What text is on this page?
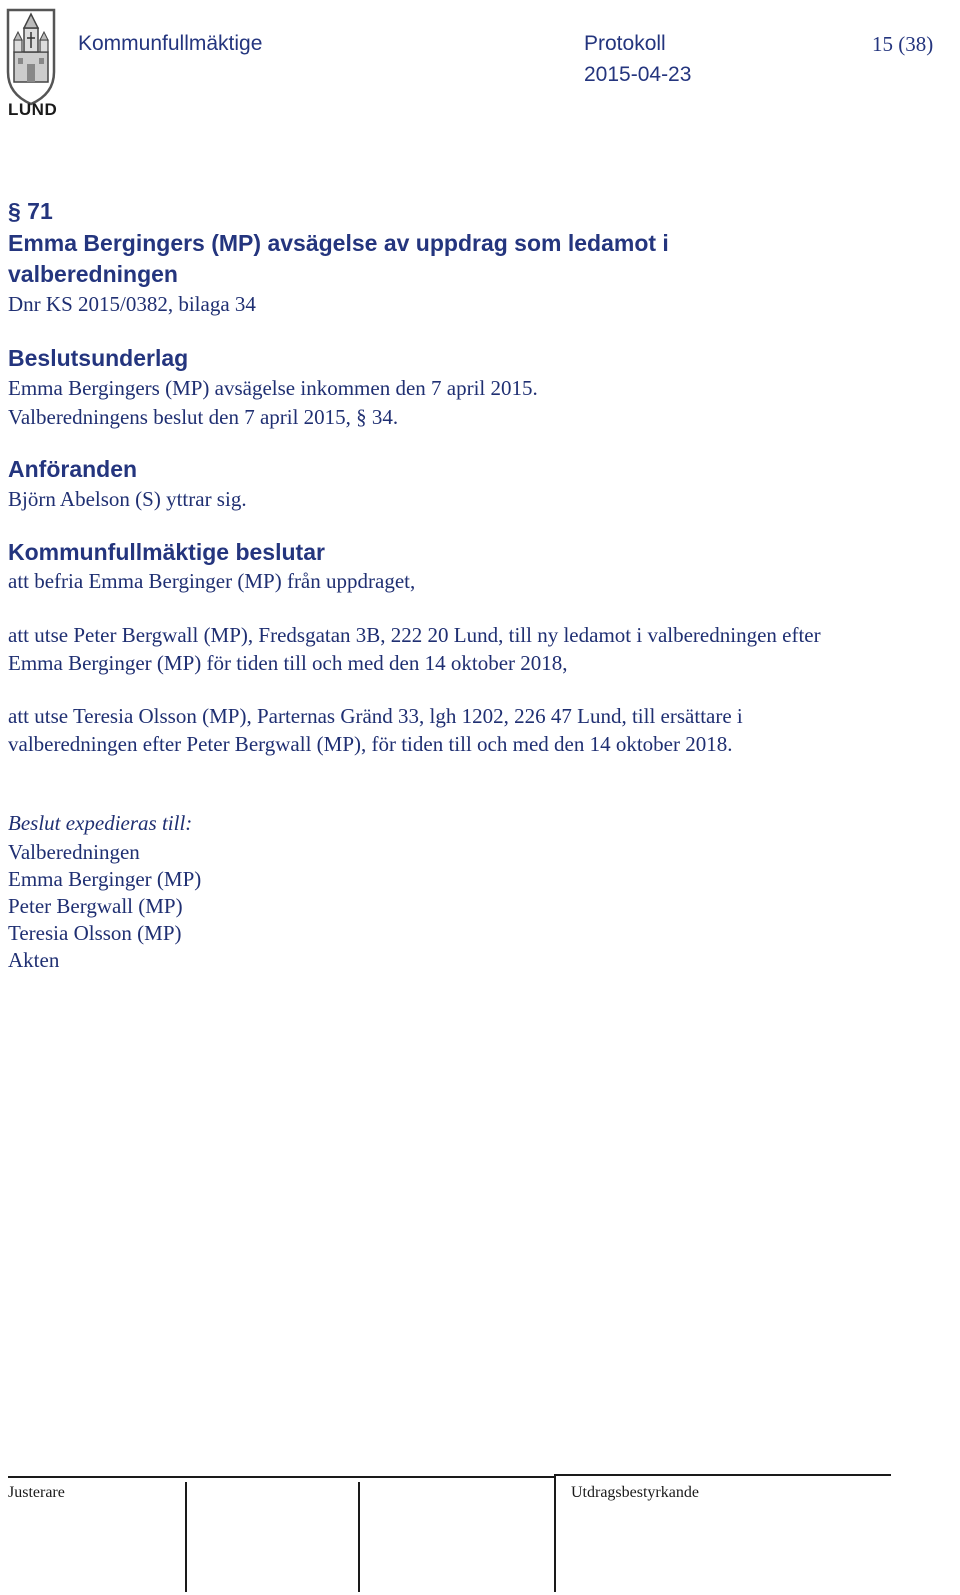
LUND
Kommunfullmäktige	Protokoll	15 (38)
2015-04-23
§ 71
Emma Bergingers (MP) avsägelse av uppdrag som ledamot i
valberedningen
Dnr KS 2015/0382, bilaga 34
Beslutsunderlag
Emma Bergingers (MP) avsägelse inkommen den 7 april 2015.
Valberedningens beslut den 7 april 2015, § 34.
Anföranden
Björn Abelson (S) yttrar sig.
Kommunfullmäktige beslutar
att befria Emma Berginger (MP) från uppdraget,
att utse Peter Bergwall (MP), Fredsgatan 3B, 222 20 Lund, till ny ledamot i valberedningen efter
Emma Berginger (MP) för tiden till och med den 14 oktober 2018,
att utse Teresia Olsson (MP), Parternas Gränd 33, lgh 1202, 226 47 Lund, till ersättare i
valberedningen efter Peter Bergwall (MP), för tiden till och med den 14 oktober 2018.
Beslut expedieras till:
Valberedningen
Emma Berginger (MP)
Peter Bergwall (MP)
Teresia Olsson (MP)
Akten
Justerare	Utdragsbestyrkande
